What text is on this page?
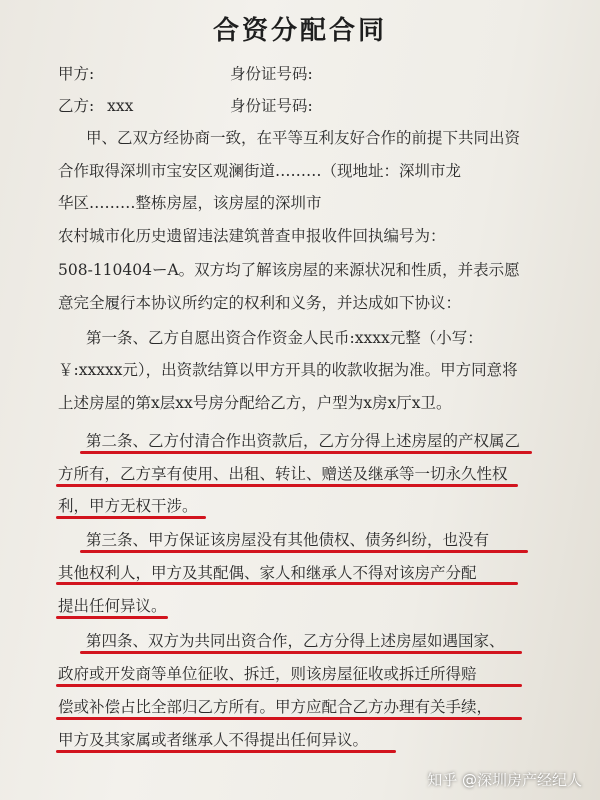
合资分配合同
甲方:	身份证号码:
乙方: xxx	身份证号码:
甲、乙双方经协商一致，在平等互利友好合作的前提下共同出资
合作取得深圳市宝安区观澜街道………（现地址：深圳市龙
华区………整栋房屋，该房屋的深圳市
农村城市化历史遗留违法建筑普查申报收件回执编号为：
508-110404ーA。双方均了解该房屋的来源状况和性质，并表示愿
意完全履行本协议所约定的权利和义务，并达成如下协议：
第一条、乙方自愿出资合作资金人民币:xxxx元整（小写：
￥:xxxxx元），出资款结算以甲方开具的收款收据为准。甲方同意将
上述房屋的第x层xx号房分配给乙方，户型为x房x厅x卫。
第二条、乙方付清合作出资款后，乙方分得上述房屋的产权属乙
方所有，乙方享有使用、出租、转让、赠送及继承等一切永久性权
利，甲方无权干涉。
第三条、甲方保证该房屋没有其他债权、债务纠纷，也没有
其他权利人，甲方及其配偶、家人和继承人不得对该房产分配
提出任何异议。
第四条、双方为共同出资合作，乙方分得上述房屋如遇国家、
政府或开发商等单位征收、拆迁，则该房屋征收或拆迁所得赔
偿或补偿占比全部归乙方所有。甲方应配合乙方办理有关手续，
甲方及其家属或者继承人不得提出任何异议。
知乎 @深圳房产经纪人
